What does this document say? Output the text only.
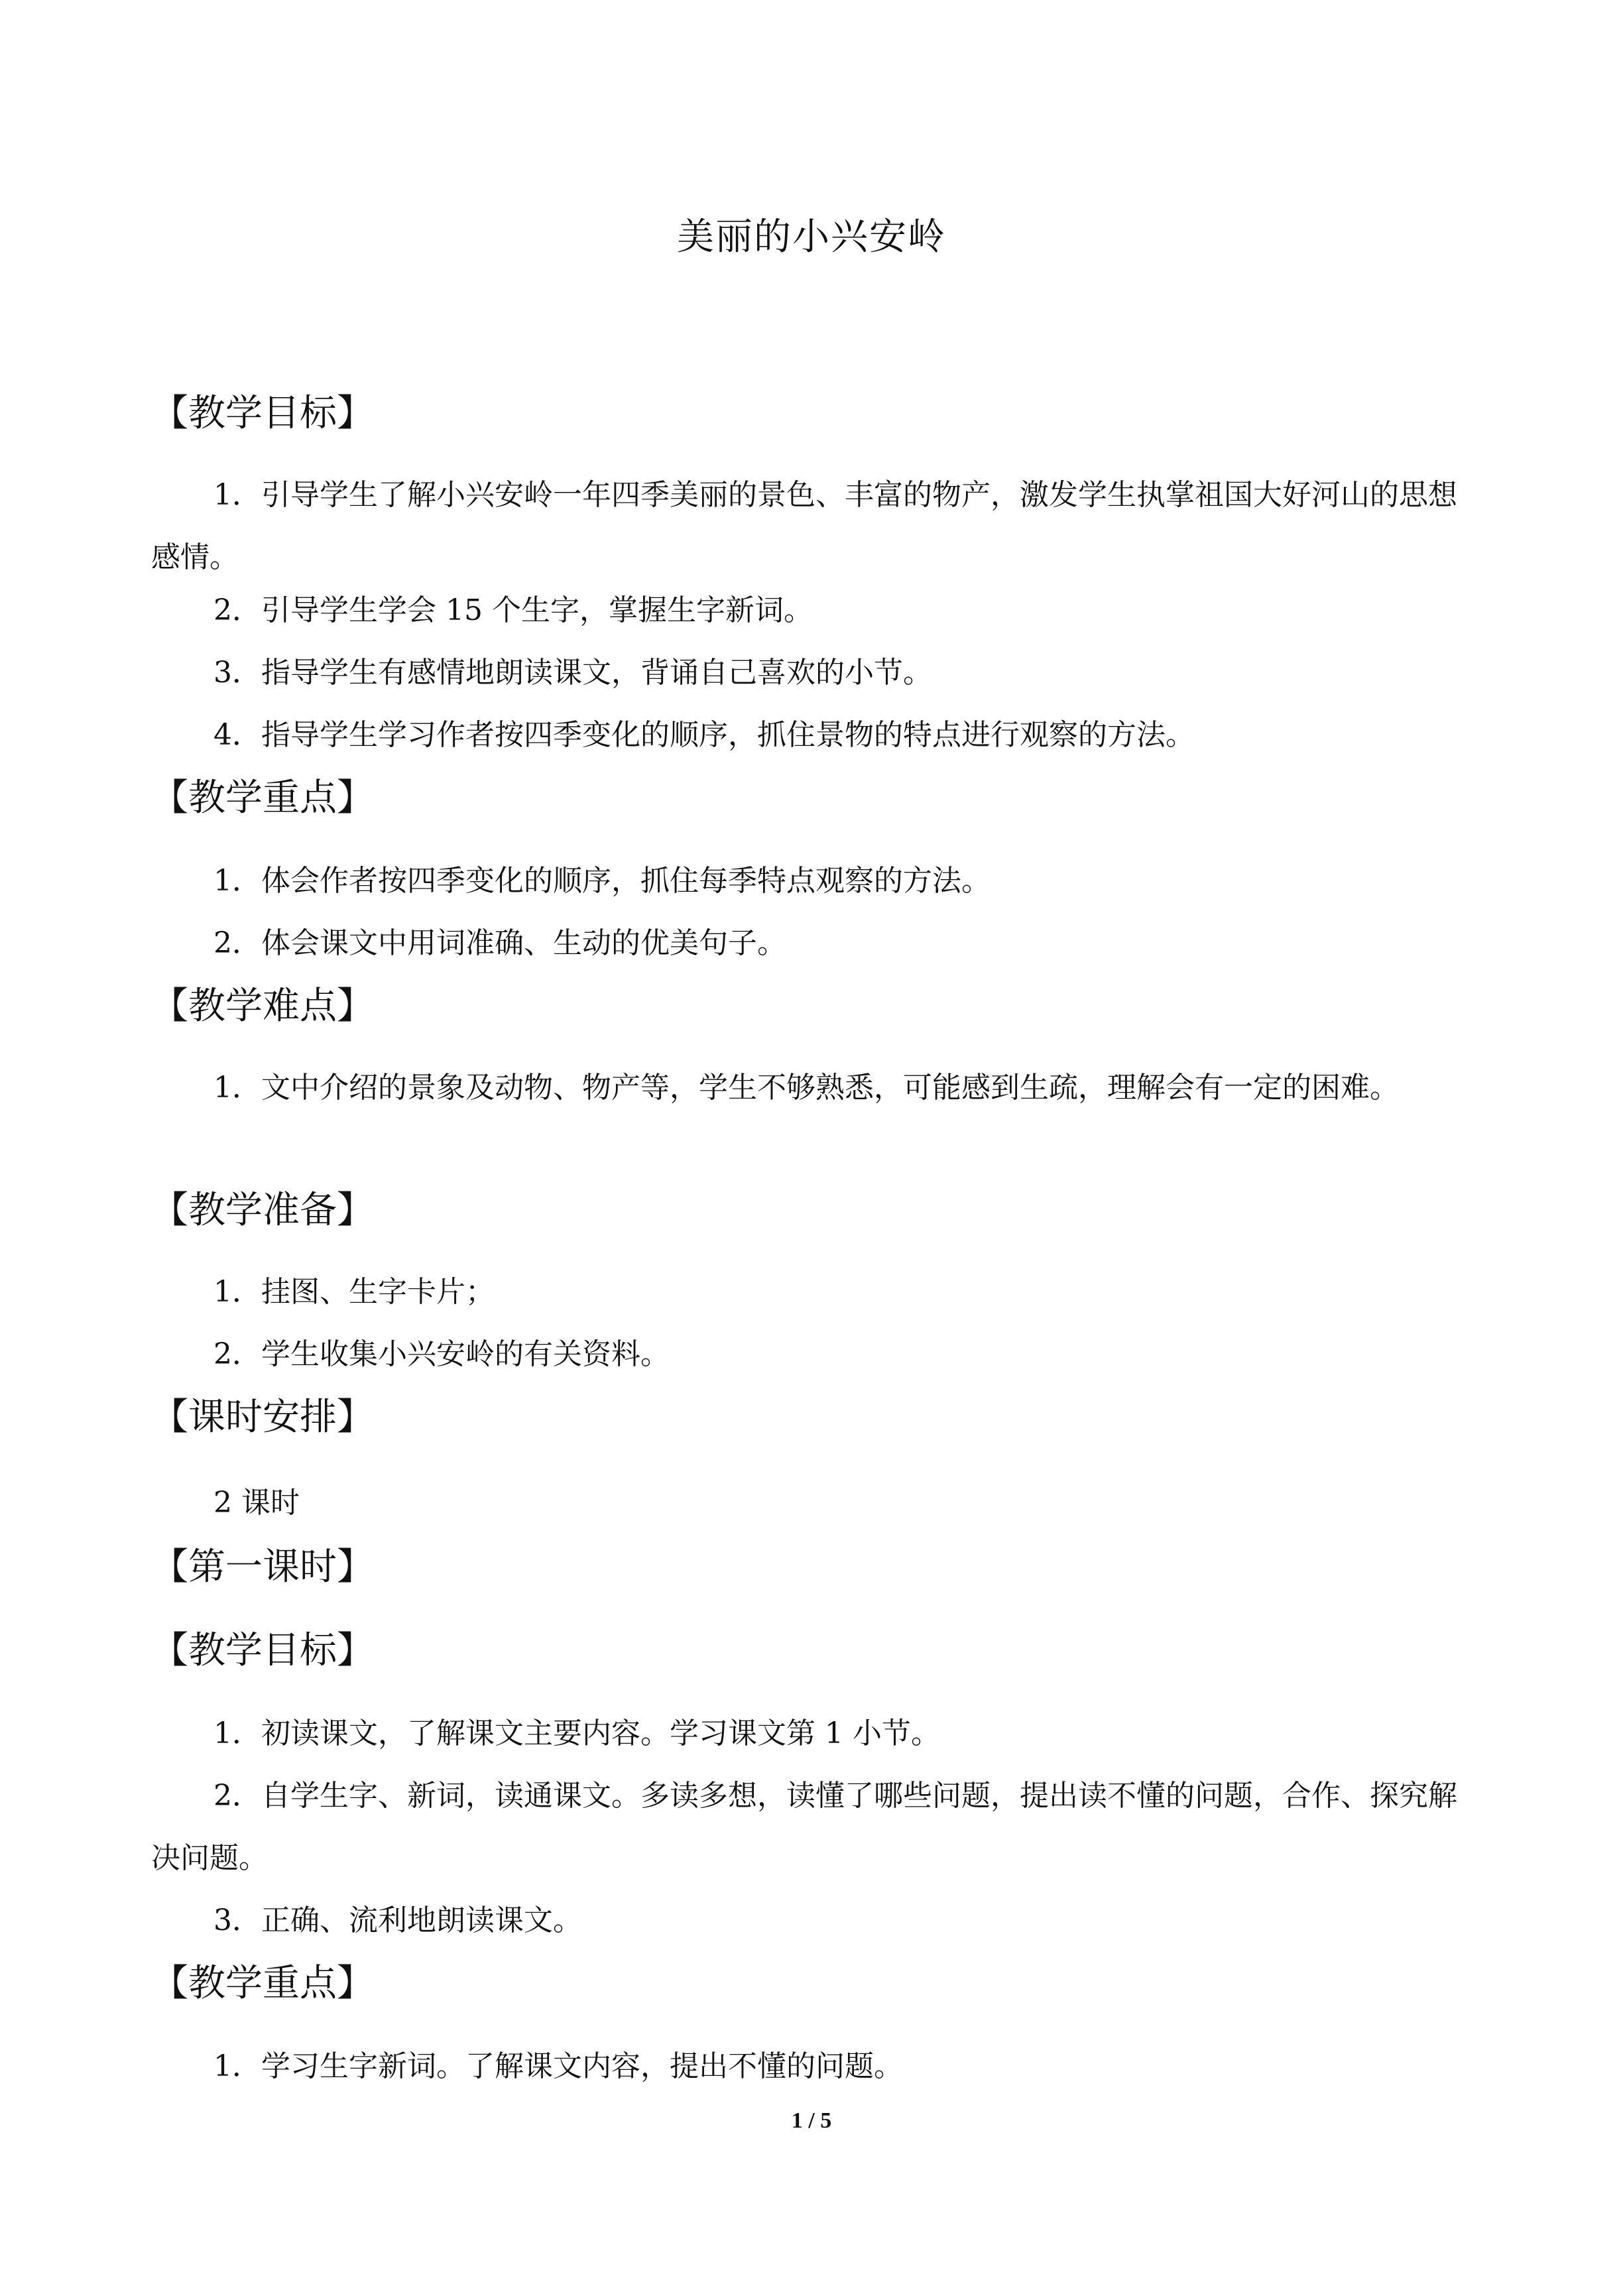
美丽的小兴安岭
【教学目标】
1．引导学生了解小兴安岭一年四季美丽的景色、丰富的物产，激发学生执掌祖国大好河山的思想感情。
2．引导学生学会 15 个生字，掌握生字新词。
3．指导学生有感情地朗读课文，背诵自己喜欢的小节。
4．指导学生学习作者按四季变化的顺序，抓住景物的特点进行观察的方法。
【教学重点】
1．体会作者按四季变化的顺序，抓住每季特点观察的方法。
2．体会课文中用词准确、生动的优美句子。
【教学难点】
1．文中介绍的景象及动物、物产等，学生不够熟悉，可能感到生疏，理解会有一定的困难。
【教学准备】
1．挂图、生字卡片；
2．学生收集小兴安岭的有关资料。
【课时安排】
2 课时
【第一课时】
【教学目标】
1．初读课文，了解课文主要内容。学习课文第 1 小节。
2．自学生字、新词，读通课文。多读多想，读懂了哪些问题，提出读不懂的问题，合作、探究解决问题。
3．正确、流利地朗读课文。
【教学重点】
1．学习生字新词。了解课文内容，提出不懂的问题。
1 / 5
